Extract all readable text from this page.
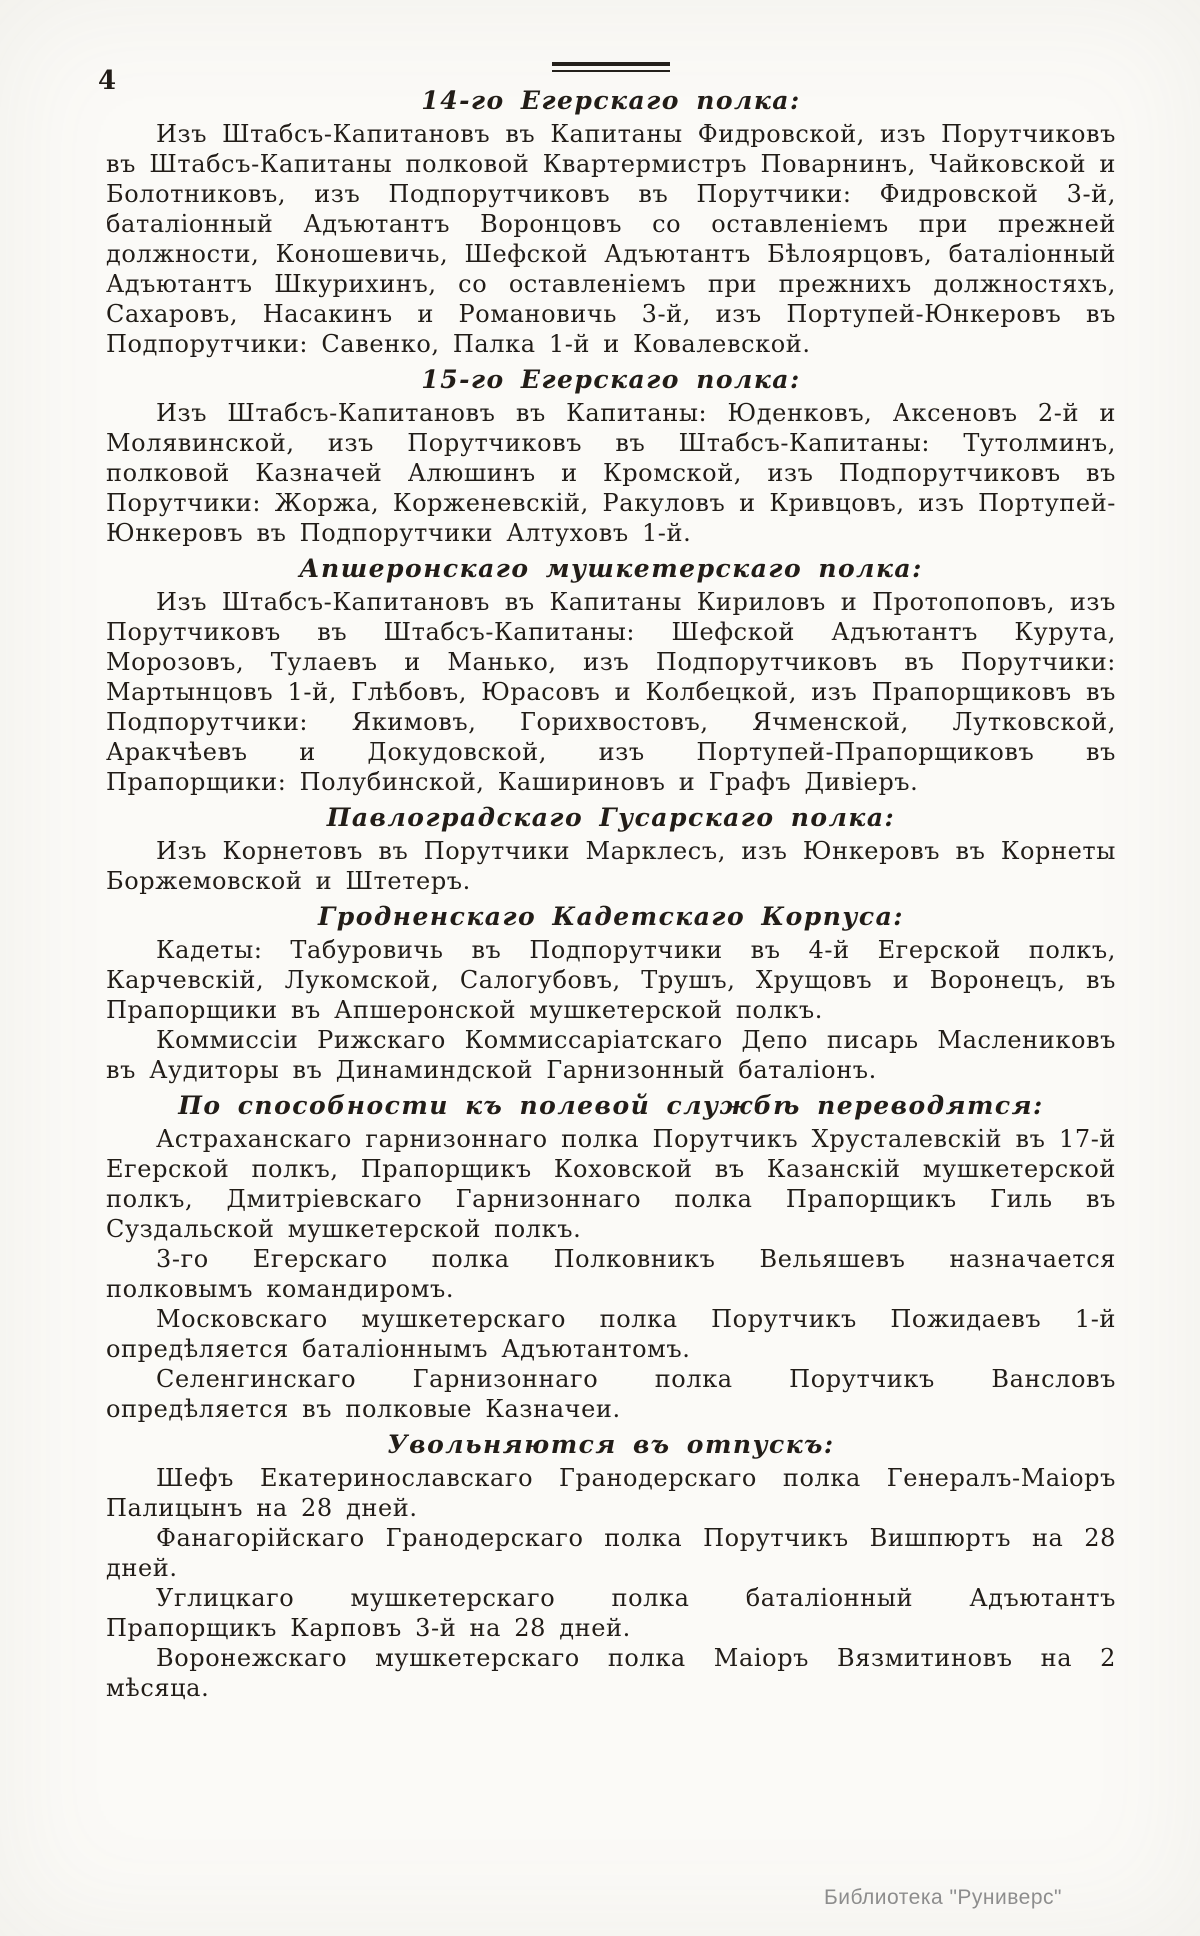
4
14-го Егерскаго полка:

Изъ Штабсъ-Капитановъ въ Капитаны Фидровской, изъ Порутчиковъ въ Штабсъ-Капитаны полковой Квартермистръ Поварнинъ, Чайковской и Болотниковъ, изъ Подпорутчиковъ въ Порутчики: Фидровской 3-й, баталіонный Адъютантъ Воронцовъ со оставленіемъ при прежней должности, Коношевичь, Шефской Адъютантъ Бѣлоярцовъ, баталіонный Адъютантъ Шкурихинъ, со оставленіемъ при прежнихъ должностяхъ, Сахаровъ, Насакинъ и Романовичь 3-й, изъ Портупей-Юнкеровъ въ Подпорутчики: Савенко, Палка 1-й и Ковалевской.

15-го Егерскаго полка:

Изъ Штабсъ-Капитановъ въ Капитаны: Юденковъ, Аксеновъ 2-й и Молявинской, изъ Порутчиковъ въ Штабсъ-Капитаны: Тутолминъ, полковой Казначей Алюшинъ и Кромской, изъ Подпорутчиковъ въ Порутчики: Жоржа, Корженевскій, Ракуловъ и Кривцовъ, изъ Портупей-Юнкеровъ въ Подпорутчики Алтуховъ 1-й.

Апшеронскаго мушкетерскаго полка:

Изъ Штабсъ-Капитановъ въ Капитаны Кириловъ и Протопоповъ, изъ Порутчиковъ въ Штабсъ-Капитаны: Шефской Адъютантъ Курута, Морозовъ, Тулаевъ и Манько, изъ Подпорутчиковъ въ Порутчики: Мартынцовъ 1-й, Глѣбовъ, Юрасовъ и Колбецкой, изъ Прапорщиковъ въ Подпорутчики: Якимовъ, Горихвостовъ, Ячменской, Лутковской, Аракчѣевъ и Докудовской, изъ Портупей-Прапорщиковъ въ Прапорщики: Полубинской, Кашириновъ и Графъ Дивіеръ.

Павлоградскаго Гусарскаго полка:

Изъ Корнетовъ въ Порутчики Марклесъ, изъ Юнкеровъ въ Корнеты Боржемовской и Штетеръ.

Гродненскаго Кадетскаго Корпуса:

Кадеты: Табуровичь въ Подпорутчики въ 4-й Егерской полкъ, Карчевскій, Лукомской, Салогубовъ, Трушъ, Хрущовъ и Воронецъ, въ Прапорщики въ Апшеронской мушкетерской полкъ.

Коммиссіи Рижскаго Коммиссаріатскаго Депо писарь Маслениковъ въ Аудиторы въ Динаминдской Гарнизонный баталіонъ.

По способности къ полевой службѣ переводятся:

Астраханскаго гарнизоннаго полка Порутчикъ Хрусталевскій въ 17-й Егерской полкъ, Прапорщикъ Коховской въ Казанскій мушкетерской полкъ, Дмитріевскаго Гарнизоннаго полка Прапорщикъ Гиль въ Суздальской мушкетерской полкъ.

3-го Егерскаго полка Полковникъ Вельяшевъ назначается полковымъ командиромъ.

Московскаго мушкетерскаго полка Порутчикъ Пожидаевъ 1-й опредѣляется баталіоннымъ Адъютантомъ.

Селенгинскаго Гарнизоннаго полка Порутчикъ Вансловъ опредѣляется въ полковые Казначеи.

Увольняются въ отпускъ:

Шефъ Екатеринославскаго Гранодерскаго полка Генералъ-Маіоръ Палицынъ на 28 дней.

Фанагорійскаго Гранодерскаго полка Порутчикъ Вишпюртъ на 28 дней.

Углицкаго мушкетерскаго полка баталіонный Адъютантъ Прапорщикъ Карповъ 3-й на 28 дней.

Воронежскаго мушкетерскаго полка Маіоръ Вязмитиновъ на 2 мѣсяца.

Библиотека "Руниверс"
